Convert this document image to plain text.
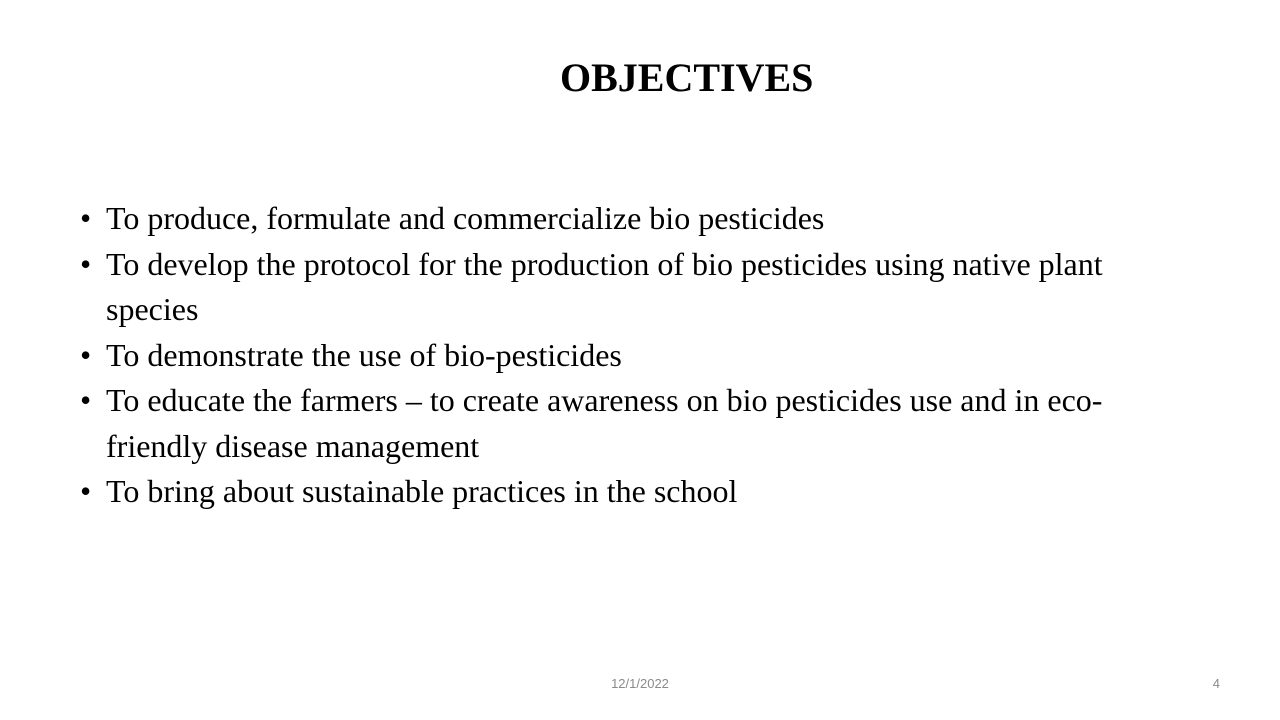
OBJECTIVES
• To produce, formulate and commercialize bio pesticides
• To develop the protocol for the production of bio pesticides using native plant species
• To demonstrate the use of bio-pesticides
• To educate the farmers – to create awareness on bio pesticides use and in eco-friendly disease management
• To bring about sustainable practices in the school
12/1/2022	4
